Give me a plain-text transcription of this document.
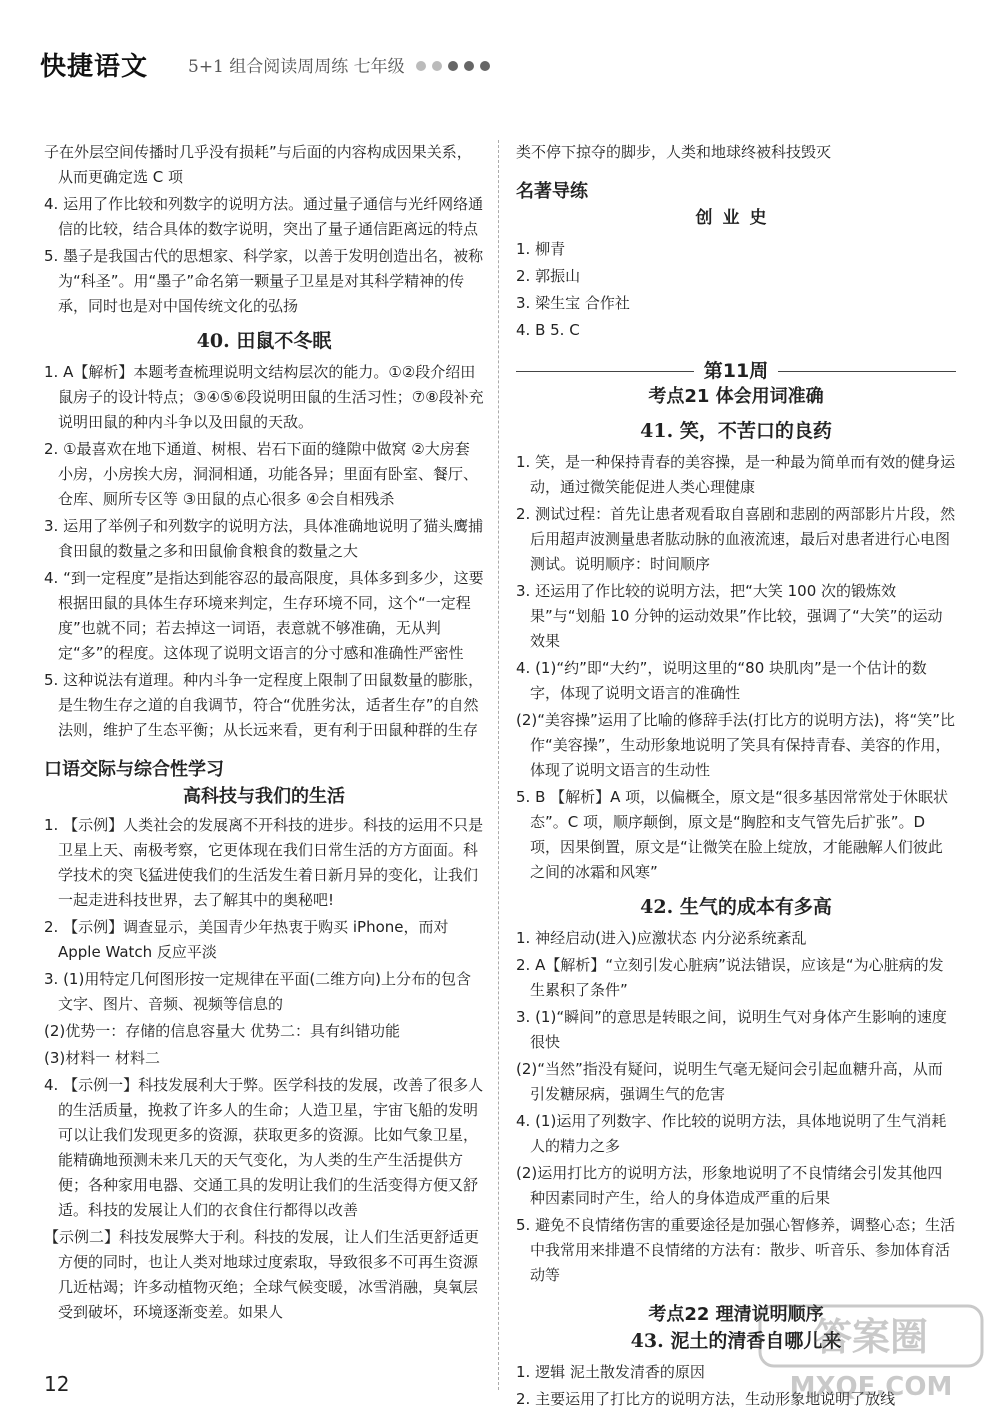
快捷语文 5+1 组合阅读周周练 七年级

子在外层空间传播时几乎没有损耗”与后面的内容构成因果关系，从而更确定选 C 项

4. 运用了作比较和列数字的说明方法。通过量子通信与光纤网络通信的比较，结合具体的数字说明，突出了量子通信距离远的特点

5. 墨子是我国古代的思想家、科学家，以善于发明创造出名，被称为“科圣”。用“墨子”命名第一颗量子卫星是对其科学精神的传承，同时也是对中国传统文化的弘扬

40. 田鼠不冬眠

1. A【解析】本题考查梳理说明文结构层次的能力。①②段介绍田鼠房子的设计特点；③④⑤⑥段说明田鼠的生活习性；⑦⑧段补充说明田鼠的种内斗争以及田鼠的天敌。

2. ①最喜欢在地下通道、树根、岩石下面的缝隙中做窝 ②大房套小房，小房挨大房，洞洞相通，功能各异；里面有卧室、餐厅、仓库、厕所专区等 ③田鼠的点心很多 ④会自相残杀

3. 运用了举例子和列数字的说明方法，具体准确地说明了猫头鹰捕食田鼠的数量之多和田鼠偷食粮食的数量之大

4. “到一定程度”是指达到能容忍的最高限度，具体多到多少，这要根据田鼠的具体生存环境来判定，生存环境不同，这个“一定程度”也就不同；若去掉这一词语，表意就不够准确，无从判定“多”的程度。这体现了说明文语言的分寸感和准确性严密性

5. 这种说法有道理。种内斗争一定程度上限制了田鼠数量的膨胀，是生物生存之道的自我调节，符合“优胜劣汰，适者生存”的自然法则，维护了生态平衡；从长远来看，更有利于田鼠种群的生存

口语交际与综合性学习
高科技与我们的生活

1. 【示例】人类社会的发展离不开科技的进步。科技的运用不只是卫星上天、南极考察，它更体现在我们日常生活的方方面面。科学技术的突飞猛进使我们的生活发生着日新月异的变化，让我们一起走进科技世界，去了解其中的奥秘吧!

2. 【示例】调查显示，美国青少年热衷于购买 iPhone，而对 Apple Watch 反应平淡

3. (1)用特定几何图形按一定规律在平面(二维方向)上分布的包含文字、图片、音频、视频等信息的

(2)优势一：存储的信息容量大 优势二：具有纠错功能

(3)材料一 材料二

4. 【示例一】科技发展利大于弊。医学科技的发展，改善了很多人的生活质量，挽救了许多人的生命；人造卫星，宇宙飞船的发明可以让我们发现更多的资源，获取更多的资源。比如气象卫星，能精确地预测未来几天的天气变化，为人类的生产生活提供方便；各种家用电器、交通工具的发明让我们的生活变得方便又舒适。科技的发展让人们的衣食住行都得以改善

【示例二】科技发展弊大于利。科技的发展，让人们生活更舒适更方便的同时，也让人类对地球过度索取，导致很多不可再生资源几近枯竭；许多动植物灭绝；全球气候变暖，冰雪消融，臭氧层受到破坏，环境逐渐变差。如果人

类不停下掠夺的脚步，人类和地球终被科技毁灭

名著导练
创业史

1. 柳青

2. 郭振山

3. 梁生宝 合作社

4. B 5. C

第11周
考点21 体会用词准确
41. 笑，不苦口的良药

1. 笑，是一种保持青春的美容操，是一种最为简单而有效的健身运动，通过微笑能促进人类心理健康

2. 测试过程：首先让患者观看取自喜剧和悲剧的两部影片片段，然后用超声波测量患者肱动脉的血液流速，最后对患者进行心电图测试。说明顺序：时间顺序

3. 还运用了作比较的说明方法，把“大笑 100 次的锻炼效果”与“划船 10 分钟的运动效果”作比较，强调了“大笑”的运动效果

4. (1)“约”即“大约”，说明这里的“80 块肌肉”是一个估计的数字，体现了说明文语言的准确性

(2)“美容操”运用了比喻的修辞手法(打比方的说明方法)，将“笑”比作“美容操”，生动形象地说明了笑具有保持青春、美容的作用，体现了说明文语言的生动性

5. B 【解析】A 项，以偏概全，原文是“很多基因常常处于休眠状态”。C 项，顺序颠倒，原文是“胸腔和支气管先后扩张”。D 项，因果倒置，原文是“让微笑在脸上绽放，才能融解人们彼此之间的冰霜和风寒”

42. 生气的成本有多高

1. 神经启动(进入)应激状态 内分泌系统紊乱

2. A【解析】“立刻引发心脏病”说法错误，应该是“为心脏病的发生累积了条件”

3. (1)“瞬间”的意思是转眼之间，说明生气对身体产生影响的速度很快

(2)“当然”指没有疑问，说明生气毫无疑问会引起血糖升高，从而引发糖尿病，强调生气的危害

4. (1)运用了列数字、作比较的说明方法，具体地说明了生气消耗人的精力之多

(2)运用打比方的说明方法，形象地说明了不良情绪会引发其他四种因素同时产生，给人的身体造成严重的后果

5. 避免不良情绪伤害的重要途径是加强心智修养，调整心态；生活中我常用来排遣不良情绪的方法有：散步、听音乐、参加体育活动等

考点22 理清说明顺序
43. 泥土的清香自哪儿来

1. 逻辑 泥土散发清香的原因

2. 主要运用了打比方的说明方法，生动形象地说明了放线

12
答案圈
MXQE.COM
